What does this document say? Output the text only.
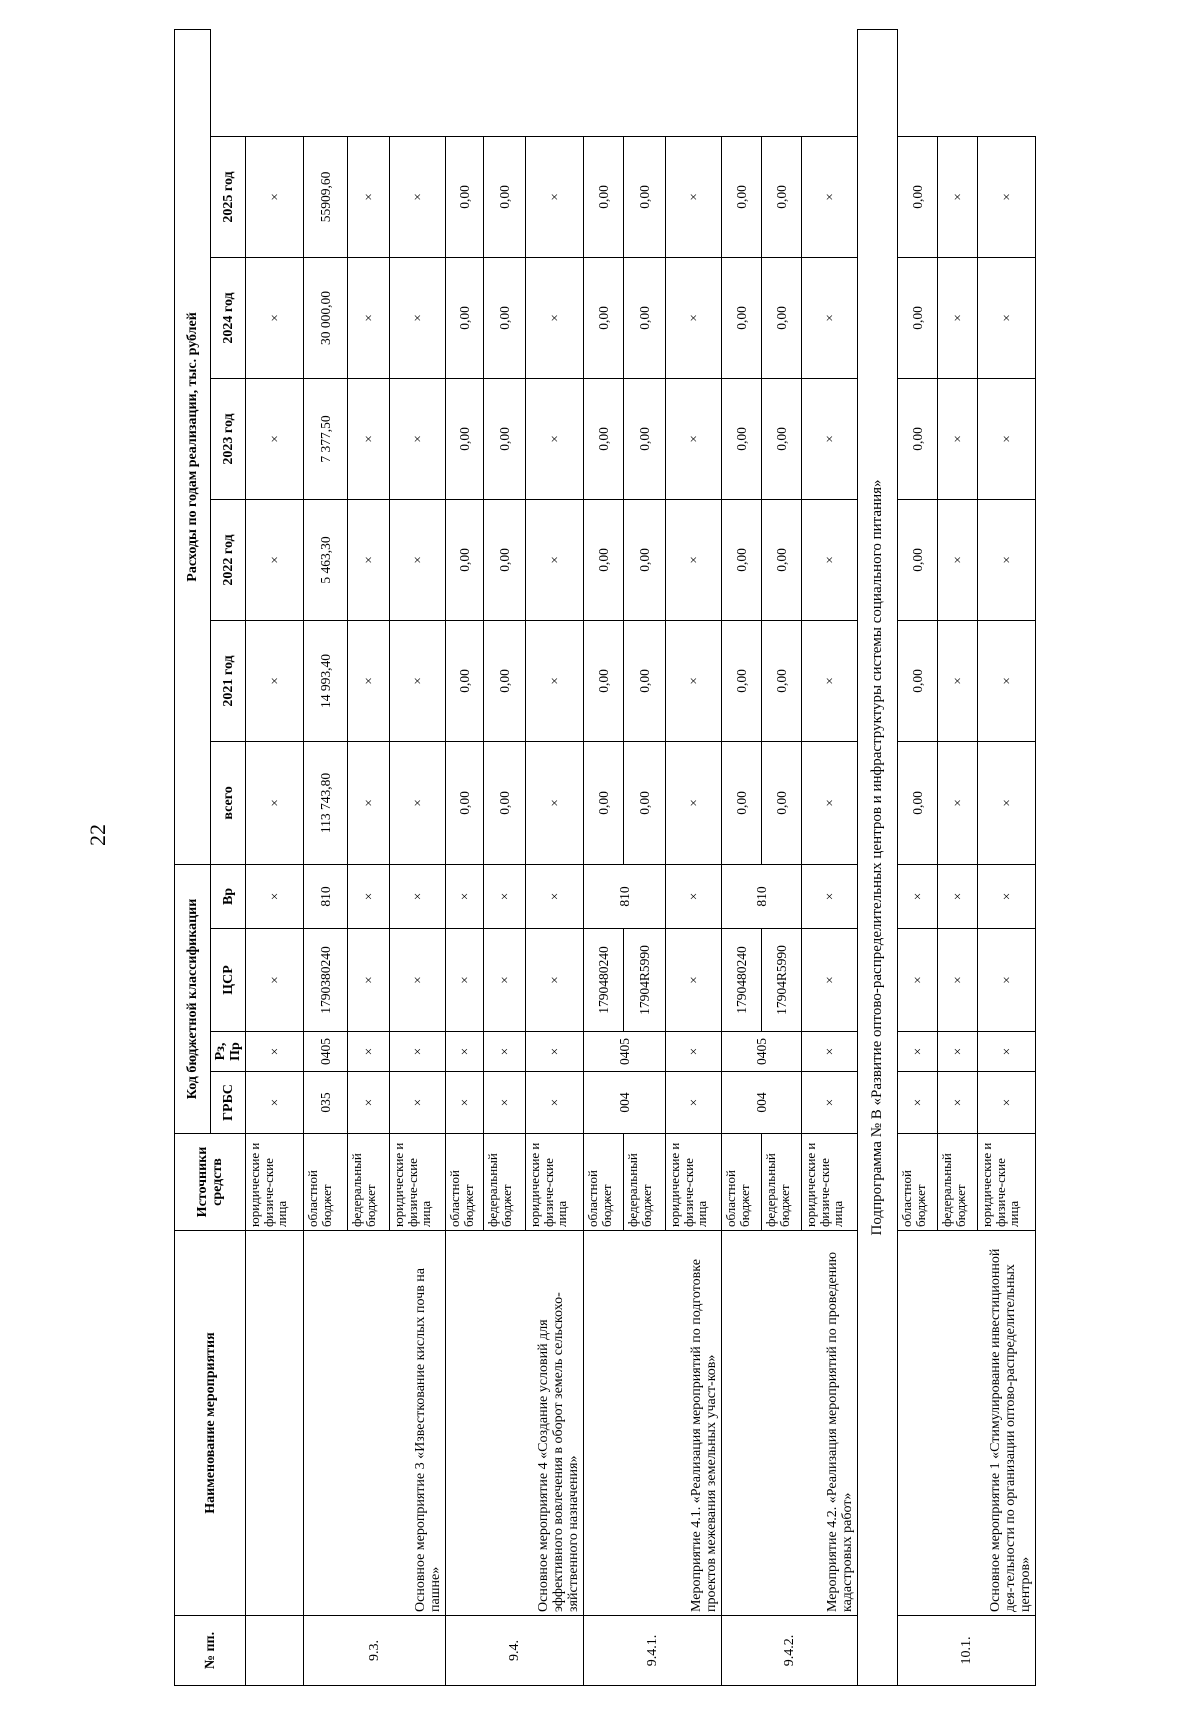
22
№ пп.	Наименование мероприятия	Источники средств	Код бюджетной классификации				Расходы по годам реализации, тыс. рублей					
			ГРБС	Рз, Пр	ЦСР	Вр	всего	2021 год	2022 год	2023 год	2024 год	2025 год
		юридические и физиче-ские лица	×	×	×	×	×	×	×	×	×	×
9.3.	Основное мероприятие 3 «Известкование кислых почв на пашне»	областной бюджет	035	0405	1790380240	810	113 743,80	14 993,40	5 463,30	7 377,50	30 000,00	55909,60
		федеральный бюджет	×	×	×	×	×	×	×	×	×	×
		юридические и физиче-ские лица	×	×	×	×	×	×	×	×	×	×
9.4.	Основное мероприятие 4 «Создание условий для эффективного вовлечения в оборот земель сельскохо-зяйственного назначения»	областной бюджет	×	×	×	×	0,00	0,00	0,00	0,00	0,00	0,00
		федеральный бюджет	×	×	×	×	0,00	0,00	0,00	0,00	0,00	0,00
		юридические и физиче-ские лица	×	×	×	×	×	×	×	×	×	×
9.4.1.	Мероприятие 4.1. «Реализация мероприятий по подготовке проектов межевания земельных участ-ков»	областной бюджет	004	0405	1790480240	810	0,00	0,00	0,00	0,00	0,00	0,00
		федеральный бюджет			17904R5990		0,00	0,00	0,00	0,00	0,00	0,00
		юридические и физиче-ские лица	×	×	×	×	×	×	×	×	×	×
9.4.2.	Мероприятие 4.2. «Реализация мероприятий по проведению кадастровых работ»	областной бюджет	004	0405	1790480240	810	0,00	0,00	0,00	0,00	0,00	0,00
		федеральный бюджет			17904R5990		0,00	0,00	0,00	0,00	0,00	0,00
		юридические и физиче-ские лица	×	×	×	×	×	×	×	×	×	×
Подпрограмма № В «Развитие оптово-распределительных центров и инфраструктуры системы социального питания»												
10.1.	Основное мероприятие 1 «Стимулирование инвестиционной дея-тельности по организации оптово-распределительных центров»	областной бюджет	×	×	×	×	0,00	0,00	0,00	0,00	0,00	0,00
		федеральный бюджет	×	×	×	×	×	×	×	×	×	×
		юридические и физиче-ские лица	×	×	×	×	×	×	×	×	×	×
